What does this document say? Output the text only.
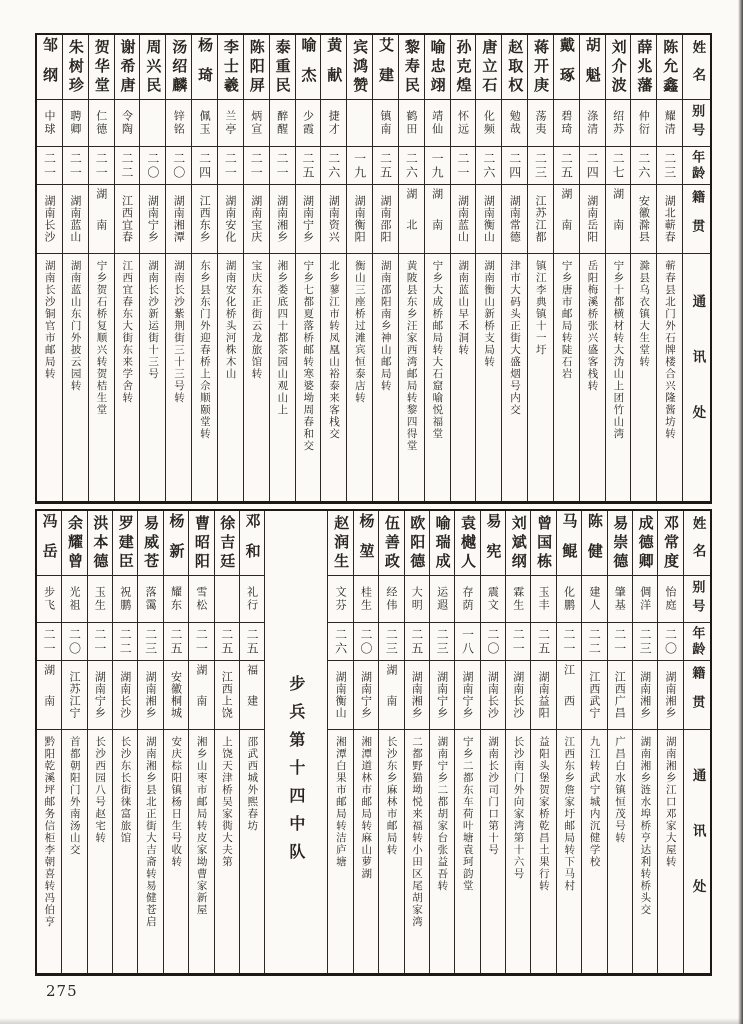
姓名
别号
年龄
籍贯
通讯处
陈允鑫
耀清
二三
湖北蕲春
蕲春县北门外石牌楼合兴隆酱坊转
薛兆藩
仲衍
二六
安徽滁县
滁县乌衣镇大生堂转
刘介波
绍苏
二七
湖南
宁乡十都横材转大沩山上团竹山湾
胡魁
涤清
二四
湖南岳阳
岳阳梅溪桥张兴盛客栈转
戴琢
碧琦
二五
湖南
宁乡唐市邮局转陡石岩
蒋开庚
荡夷
二三
江苏江都
镇江李典镇十一圩
赵取权
勉哉
二四
湖南常德
津市大码头正街大盛烟号内交
唐立石
化频
二六
湖南衡山
湖南衡山新桥支局转
孙克煌
怀远
二一
湖南蓝山
湖南蓝山早禾洞转
喻忠翊
靖仙
一九
湖南
宁乡大成桥邮局转大石窟喻悦福堂
黎寿民
鹤田
二六
湖北
黄陂县东乡汪家西湾邮局转黎四得堂
艾建
镇南
二五
湖南邵阳
湖南邵阳南乡神山邮局转
宾鸿赞
一九
湖南衡阳
衡山三座桥过滩宾恒泰店转
黄献
捷才
二六
湖南资兴
北乡蓼江市转凤凰山裕泰来客栈交
喻杰
少霞
二五
湖南宁乡
宁乡七都夏落桥邮转寒婆坳周春和交
泰重民
醉醒
二一
湖南湘乡
湘乡娄底四十都茶园山观山上
陈阳屏
炳宣
二一
湖南宝庆
宝庆东正街云龙旅馆转
李士羲
兰亭
二一
湖南安化
湖南安化桥头河株木山
杨琦
佩玉
二四
江西东乡
东乡县东门外迎春桥上佘顺颐堂转
汤绍麟
锌铭
二〇
湖南湘潭
湖南长沙紫荆街三十三号转
周兴民
二〇
湖南宁乡
湖南长沙新运街十三号
谢希唐
令陶
二二
江西宜春
江西宜春东大街东来学舍转
贺华堂
仁德
二一
湖南
宁乡贺石桥复顺兴转贺桔生堂
朱树珍
聘卿
二一
湖南蓝山
湖南蓝山东门外披云园转
邹纲
中球
二一
湖南长沙
湖南长沙铜官市邮局转
姓名
别号
年龄
籍贯
通讯处
邓常度
怡庭
二〇
湖南湘乡
湖南湘乡江口邓家大屋转
成德卿
倜洋
二三
湖南湘乡
湖南湘乡涟水埠桥亨达利转桥头交
易崇德
肇基
二一
江西广昌
广昌白水镇恒茂号转
陈健
建人
二二
江西武宁
九江转武宁城内沉健学校
马鲲
化鹏
二一
江西
江西东乡詹家圩邮局转下马村
曾国栋
玉丰
二五
湖南益阳
益阳头堡贺家桥乾昌土果行转
刘斌纲
霖生
二一
湖南长沙
长沙南门外向家湾第十六号
易宪
震文
二〇
湖南长沙
湖南长沙司门口第十号
袁樾人
存荫
一八
湖南宁乡
宁乡二都东车荷叶塘袁珂韵堂
喻瑞成
运遐
二三
湖南宁乡
湖南宁乡二都胡家台张益吾转
欧阳德
大明
二五
湖南湘乡
二都野猫坳悦来福转小田区尾胡家湾
伍善政
经伟
二三
湖南
长沙东乡麻林市邮局转
杨堃
桂生
二〇
湖南宁乡
湘潭道林市邮局转麻山萝湖
赵润生
文芬
二六
湖南衡山
湘潭白果市邮局转洁庐塘
步兵第十四中队
邓和
礼行
二五
福建
邵武西城外熙春坊
徐吉廷
二五
江西上饶
上饶天津桥吴家衖大夫第
曹昭阳
雪松
二一
湖南
湘乡山枣市邮局转皮家坳曹家新屋
杨新
耀东
二五
安徽桐城
安庆棕阳镇杨日生号收转
易威苍
落霭
二三
湖南湘乡
湖南湘乡县北正街大吉斋转易健苍启
罗建臣
祝鹏
二二
湖南长沙
长沙东长街徕富旅馆
洪本德
玉生
二一
湖南宁乡
长沙西园八号赵宅转
余耀曾
光祖
二〇
江苏江宁
首都朝阳门外南汤山交
冯岳
步飞
二一
湖南
黔阳乾溪坪邮务信柜李朝喜转冯伯亨
275
